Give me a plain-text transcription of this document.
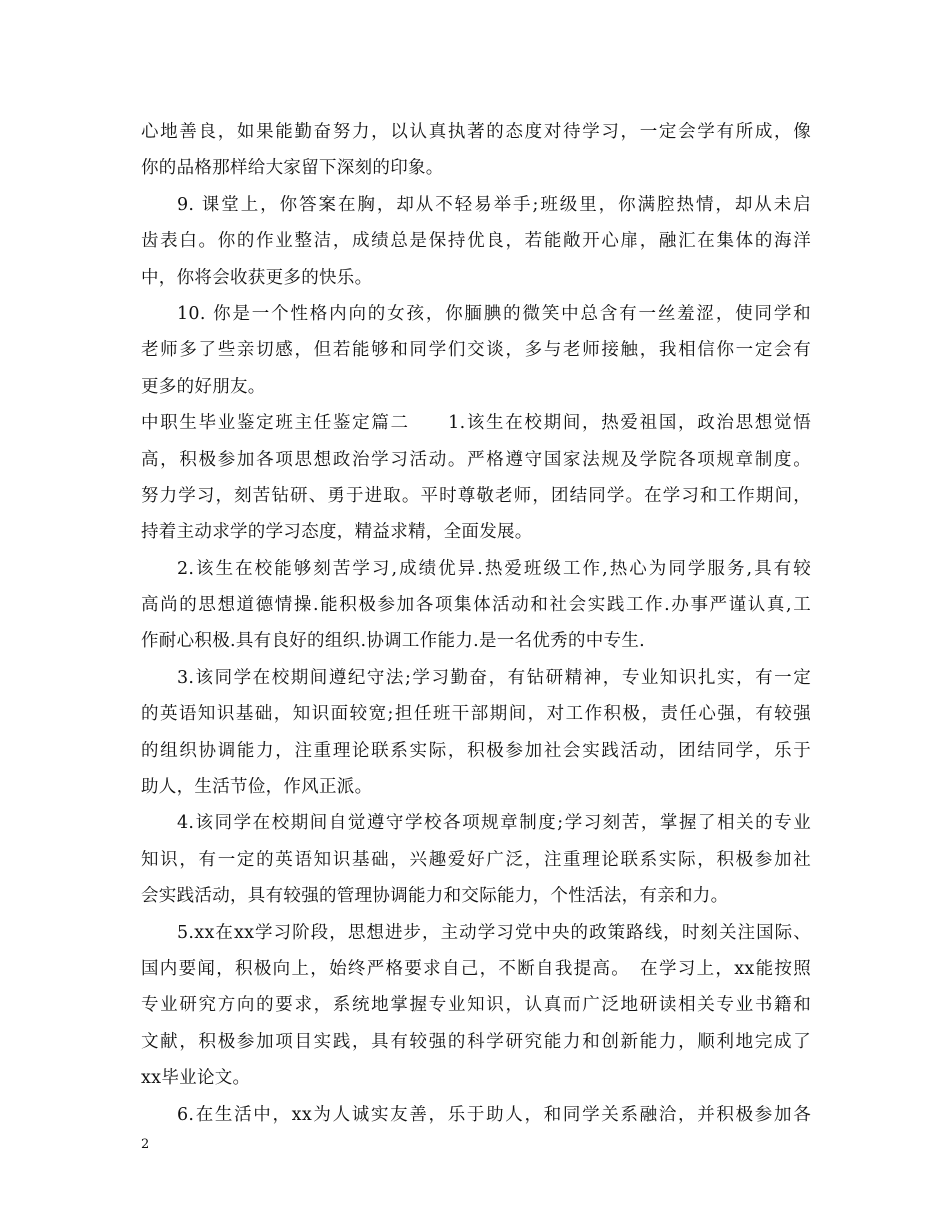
心地善良，如果能勤奋努力，以认真执著的态度对待学习，一定会学有所成，像
你的品格那样给大家留下深刻的印象。
9. 课堂上，你答案在胸，却从不轻易举手;班级里，你满腔热情，却从未启
齿表白。你的作业整洁，成绩总是保持优良，若能敞开心扉，融汇在集体的海洋
中，你将会收获更多的快乐。
10. 你是一个性格内向的女孩，你腼腆的微笑中总含有一丝羞涩，使同学和
老师多了些亲切感，但若能够和同学们交谈，多与老师接触，我相信你一定会有
更多的好朋友。
中职生毕业鉴定班主任鉴定篇二　　1.该生在校期间，热爱祖国，政治思想觉悟
高，积极参加各项思想政治学习活动。严格遵守国家法规及学院各项规章制度。
努力学习，刻苦钻研、勇于进取。平时尊敬老师，团结同学。在学习和工作期间，
持着主动求学的学习态度，精益求精，全面发展。
2.该生在校能够刻苦学习,成绩优异.热爱班级工作,热心为同学服务,具有较
高尚的思想道德情操.能积极参加各项集体活动和社会实践工作.办事严谨认真,工
作耐心积极.具有良好的组织.协调工作能力.是一名优秀的中专生.
3.该同学在校期间遵纪守法;学习勤奋，有钻研精神，专业知识扎实，有一定
的英语知识基础，知识面较宽;担任班干部期间，对工作积极，责任心强，有较强
的组织协调能力，注重理论联系实际，积极参加社会实践活动，团结同学，乐于
助人，生活节俭，作风正派。
4.该同学在校期间自觉遵守学校各项规章制度;学习刻苦，掌握了相关的专业
知识，有一定的英语知识基础，兴趣爱好广泛，注重理论联系实际，积极参加社
会实践活动，具有较强的管理协调能力和交际能力，个性活法，有亲和力。
5.xx在xx学习阶段，思想进步，主动学习党中央的政策路线，时刻关注国际、
国内要闻，积极向上，始终严格要求自己，不断自我提高。　在学习上，xx能按照
专业研究方向的要求，系统地掌握专业知识，认真而广泛地研读相关专业书籍和
文献，积极参加项目实践，具有较强的科学研究能力和创新能力，顺利地完成了
xx毕业论文。
6.在生活中，xx为人诚实友善，乐于助人，和同学关系融洽，并积极参加各
2
